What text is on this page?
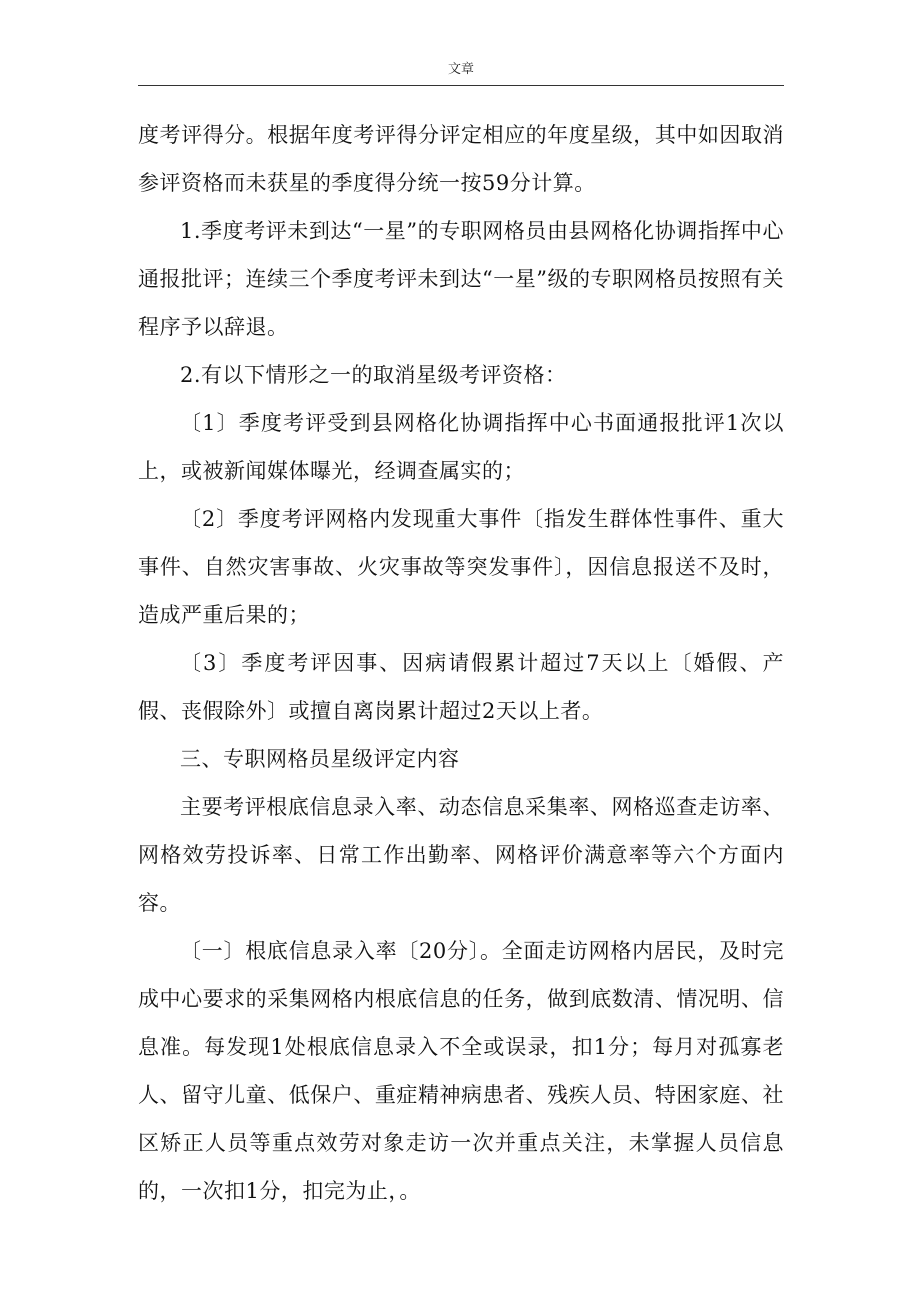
文章

度考评得分。根据年度考评得分评定相应的年度星级，其中如因取消参评资格而未获星的季度得分统一按59分计算。

1.季度考评未到达“一星”的专职网格员由县网格化协调指挥中心通报批评；连续三个季度考评未到达“一星”级的专职网格员按照有关程序予以辞退。

2.有以下情形之一的取消星级考评资格：

〔1〕季度考评受到县网格化协调指挥中心书面通报批评1次以上，或被新闻媒体曝光，经调查属实的；

〔2〕季度考评网格内发现重大事件〔指发生群体性事件、重大事件、自然灾害事故、火灾事故等突发事件〕，因信息报送不及时，造成严重后果的；

〔3〕季度考评因事、因病请假累计超过7天以上〔婚假、产假、丧假除外〕或擅自离岗累计超过2天以上者。

三、专职网格员星级评定内容

主要考评根底信息录入率、动态信息采集率、网格巡查走访率、网格效劳投诉率、日常工作出勤率、网格评价满意率等六个方面内容。

〔一〕根底信息录入率〔20分〕。全面走访网格内居民，及时完成中心要求的采集网格内根底信息的任务，做到底数清、情况明、信息准。每发现1处根底信息录入不全或误录，扣1分；每月对孤寡老人、留守儿童、低保户、重症精神病患者、残疾人员、特困家庭、社区矫正人员等重点效劳对象走访一次并重点关注，未掌握人员信息的，一次扣1分，扣完为止，。
